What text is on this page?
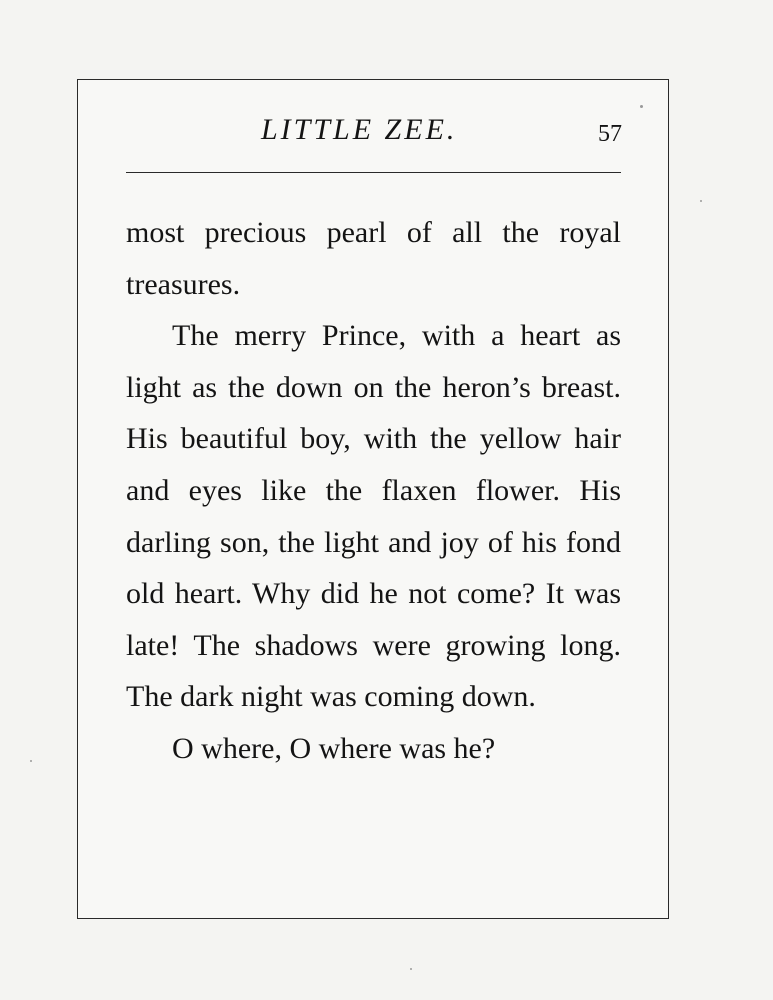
LITTLE ZEE.	57

most precious pearl of all the royal treasures.

The merry Prince, with a heart as light as the down on the heron’s breast. His beautiful boy, with the yellow hair and eyes like the flaxen flower. His darling son, the light and joy of his fond old heart. Why did he not come? It was late! The shadows were growing long. The dark night was coming down.

O where, O where was he?
